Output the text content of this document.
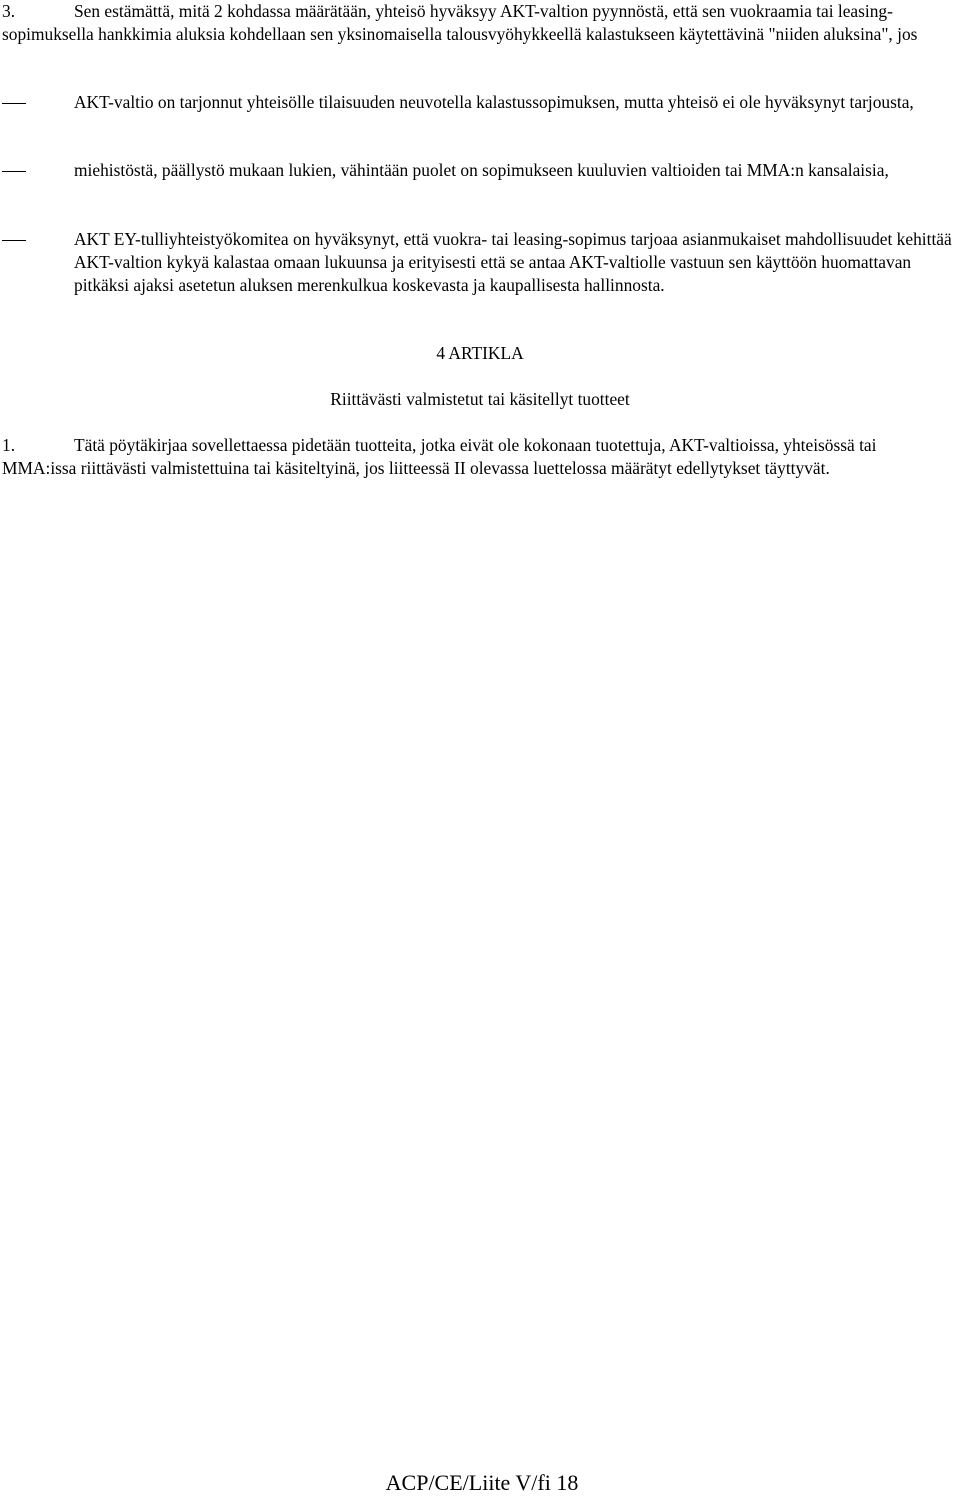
3.	Sen estämättä, mitä 2 kohdassa määrätään, yhteisö hyväksyy AKT-valtion pyynnöstä, että sen vuokraamia tai leasing-sopimuksella hankkimia aluksia kohdellaan sen yksinomaisella talousvyöhykkeellä kalastukseen käytettävinä "niiden aluksina", jos
AKT-valtio on tarjonnut yhteisölle tilaisuuden neuvotella kalastussopimuksen, mutta yhteisö ei ole hyväksynyt tarjousta,
miehistöstä, päällystö mukaan lukien, vähintään puolet on sopimukseen kuuluvien valtioiden tai MMA:n kansalaisia,
AKT EY-tulliyhteistyökomitea on hyväksynyt, että vuokra- tai leasing-sopimus tarjoaa asianmukaiset mahdollisuudet kehittää AKT-valtion kykyä kalastaa omaan lukuunsa ja erityisesti että se antaa AKT-valtiolle vastuun sen käyttöön huomattavan pitkäksi ajaksi asetetun aluksen merenkulkua koskevasta ja kaupallisesta hallinnosta.
4 ARTIKLA
Riittävästi valmistetut tai käsitellyt tuotteet
1.	Tätä pöytäkirjaa sovellettaessa pidetään tuotteita, jotka eivät ole kokonaan tuotettuja, AKT-valtioissa, yhteisössä tai MMA:issa riittävästi valmistettuina tai käsiteltyinä, jos liitteessä II olevassa luettelossa määrätyt edellytykset täyttyvät.
ACP/CE/Liite V/fi 18
